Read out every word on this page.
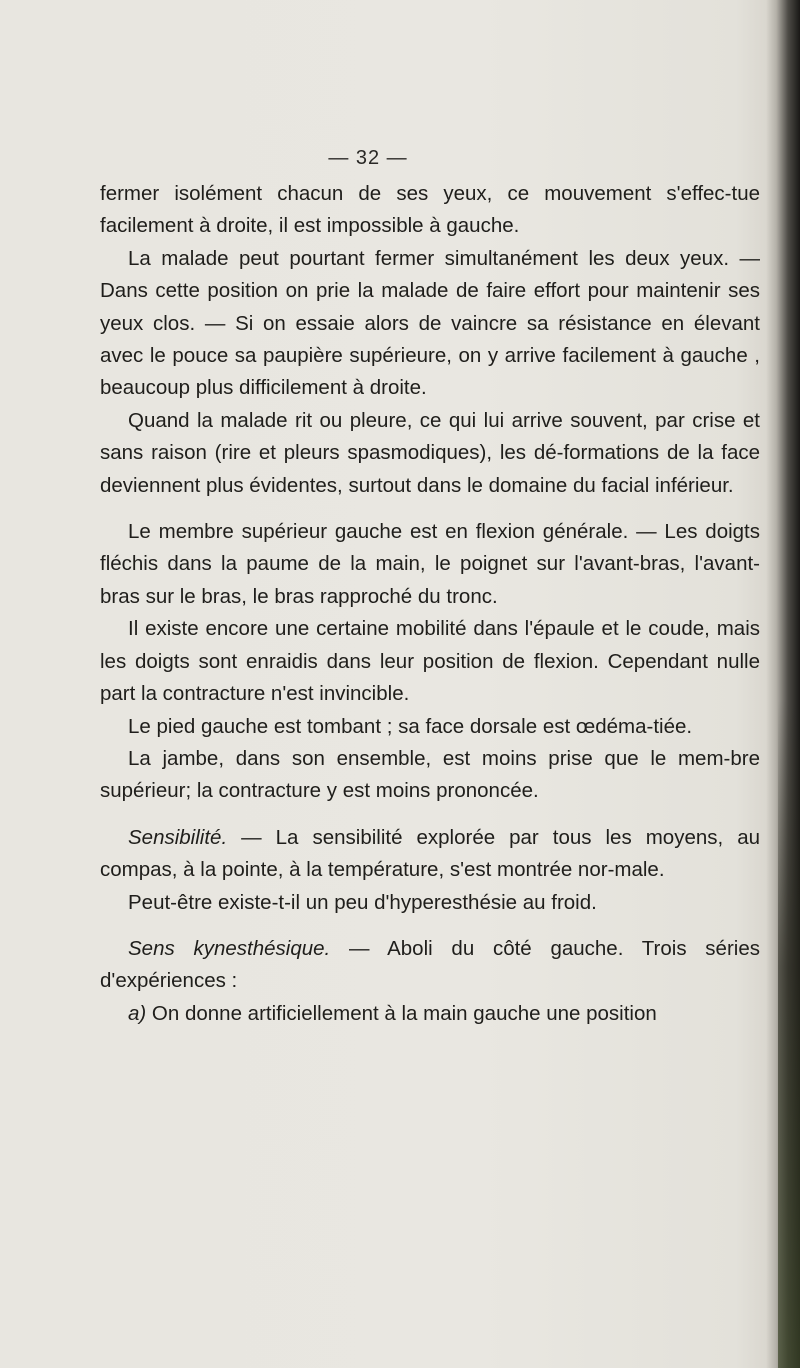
— 32 —

fermer isolément chacun de ses yeux, ce mouvement s'effec-tue facilement à droite, il est impossible à gauche.

La malade peut pourtant fermer simultanément les deux yeux. — Dans cette position on prie la malade de faire effort pour maintenir ses yeux clos. — Si on essaie alors de vaincre sa résistance en élevant avec le pouce sa paupière supérieure, on y arrive facilement à gauche , beaucoup plus difficilement à droite.

Quand la malade rit ou pleure, ce qui lui arrive souvent, par crise et sans raison (rire et pleurs spasmodiques), les dé-formations de la face deviennent plus évidentes, surtout dans le domaine du facial inférieur.

Le membre supérieur gauche est en flexion générale. — Les doigts fléchis dans la paume de la main, le poignet sur l'avant-bras, l'avant-bras sur le bras, le bras rapproché du tronc.

Il existe encore une certaine mobilité dans l'épaule et le coude, mais les doigts sont enraidis dans leur position de flexion. Cependant nulle part la contracture n'est invincible.

Le pied gauche est tombant ; sa face dorsale est œdéma-tiée.

La jambe, dans son ensemble, est moins prise que le mem-bre supérieur; la contracture y est moins prononcée.

Sensibilité. — La sensibilité explorée par tous les moyens, au compas, à la pointe, à la température, s'est montrée nor-male.

Peut-être existe-t-il un peu d'hyperesthésie au froid.

Sens kynesthésique. — Aboli du côté gauche. Trois séries d'expériences :

a) On donne artificiellement à la main gauche une position
